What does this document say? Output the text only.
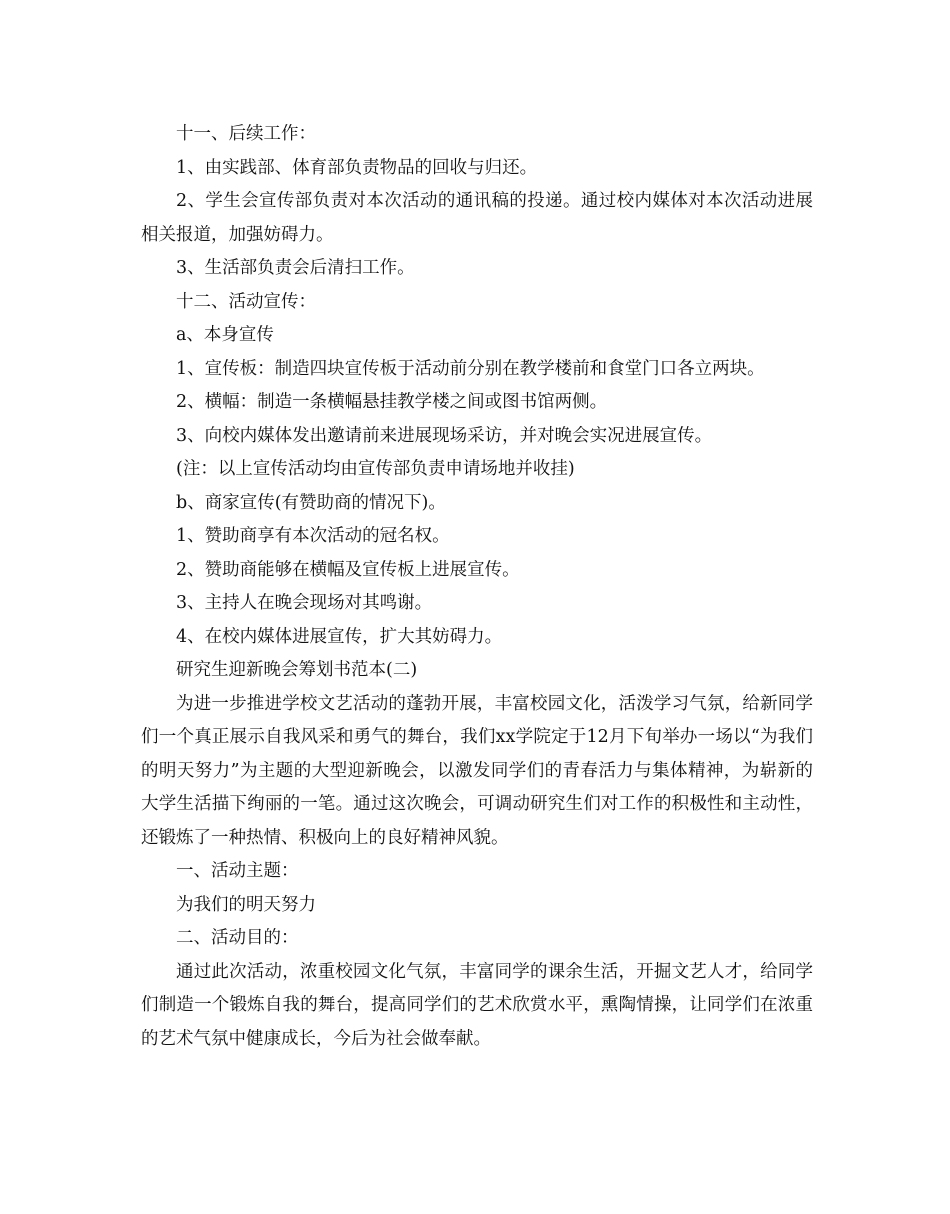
十一、后续工作：

1、由实践部、体育部负责物品的回收与归还。

2、学生会宣传部负责对本次活动的通讯稿的投递。通过校内媒体对本次活动进展相关报道，加强妨碍力。

3、生活部负责会后清扫工作。

十二、活动宣传：

a、本身宣传

1、宣传板：制造四块宣传板于活动前分别在教学楼前和食堂门口各立两块。

2、横幅：制造一条横幅悬挂教学楼之间或图书馆两侧。

3、向校内媒体发出邀请前来进展现场采访，并对晚会实况进展宣传。

(注：以上宣传活动均由宣传部负责申请场地并收挂)

b、商家宣传(有赞助商的情况下)。

1、赞助商享有本次活动的冠名权。

2、赞助商能够在横幅及宣传板上进展宣传。

3、主持人在晚会现场对其鸣谢。

4、在校内媒体进展宣传，扩大其妨碍力。

研究生迎新晚会筹划书范本(二)

为进一步推进学校文艺活动的蓬勃开展，丰富校园文化，活泼学习气氛，给新同学们一个真正展示自我风采和勇气的舞台，我们xx学院定于12月下旬举办一场以“为我们的明天努力”为主题的大型迎新晚会，以激发同学们的青春活力与集体精神，为崭新的大学生活描下绚丽的一笔。通过这次晚会，可调动研究生们对工作的积极性和主动性，还锻炼了一种热情、积极向上的良好精神风貌。

一、活动主题：

为我们的明天努力

二、活动目的：

通过此次活动，浓重校园文化气氛，丰富同学的课余生活，开掘文艺人才，给同学们制造一个锻炼自我的舞台，提高同学们的艺术欣赏水平，熏陶情操，让同学们在浓重的艺术气氛中健康成长，今后为社会做奉献。
